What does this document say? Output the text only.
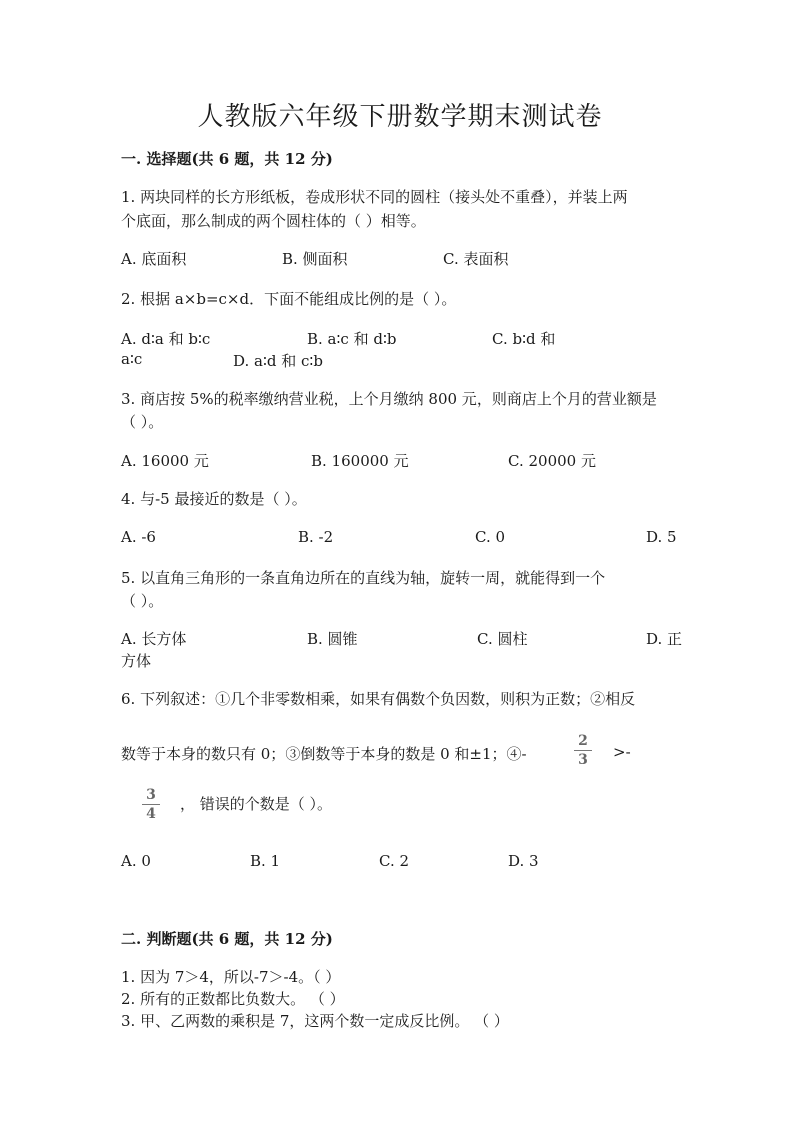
人教版六年级下册数学期末测试卷
一. 选择题(共 6 题，共 12 分)
1. 两块同样的长方形纸板，卷成形状不同的圆柱（接头处不重叠），并装上两
个底面，那么制成的两个圆柱体的（ ）相等。
A. 底面积	B. 侧面积	C. 表面积
2. 根据 a×b=c×d．下面不能组成比例的是（ ）。
A. d∶a 和 b∶c	B. a∶c 和 d∶b	C. b∶d 和
a∶c	D. a∶d 和 c∶b
3. 商店按 5%的税率缴纳营业税，上个月缴纳 800 元，则商店上个月的营业额是
（ ）。
A. 16000 元	B. 160000 元	C. 20000 元
4. 与-5 最接近的数是（ ）。
A. -6	B. -2	C. 0	D. 5
5. 以直角三角形的一条直角边所在的直线为轴，旋转一周，就能得到一个
（ ）。
A. 长方体	B. 圆锥	C. 圆柱	D. 正
方体
6. 下列叙述：①几个非零数相乘，如果有偶数个负因数，则积为正数；②相反
数等于本身的数只有 0；③倒数等于本身的数是 0 和±1；④-
2
3	>-
3
4
， 错误的个数是（ ）。
A. 0	B. 1	C. 2	D. 3
二. 判断题(共 6 题，共 12 分)
1. 因为 7＞4，所以-7＞-4。（ ）
2. 所有的正数都比负数大。 （ ）
3. 甲、乙两数的乘积是 7，这两个数一定成反比例。 （ ）
